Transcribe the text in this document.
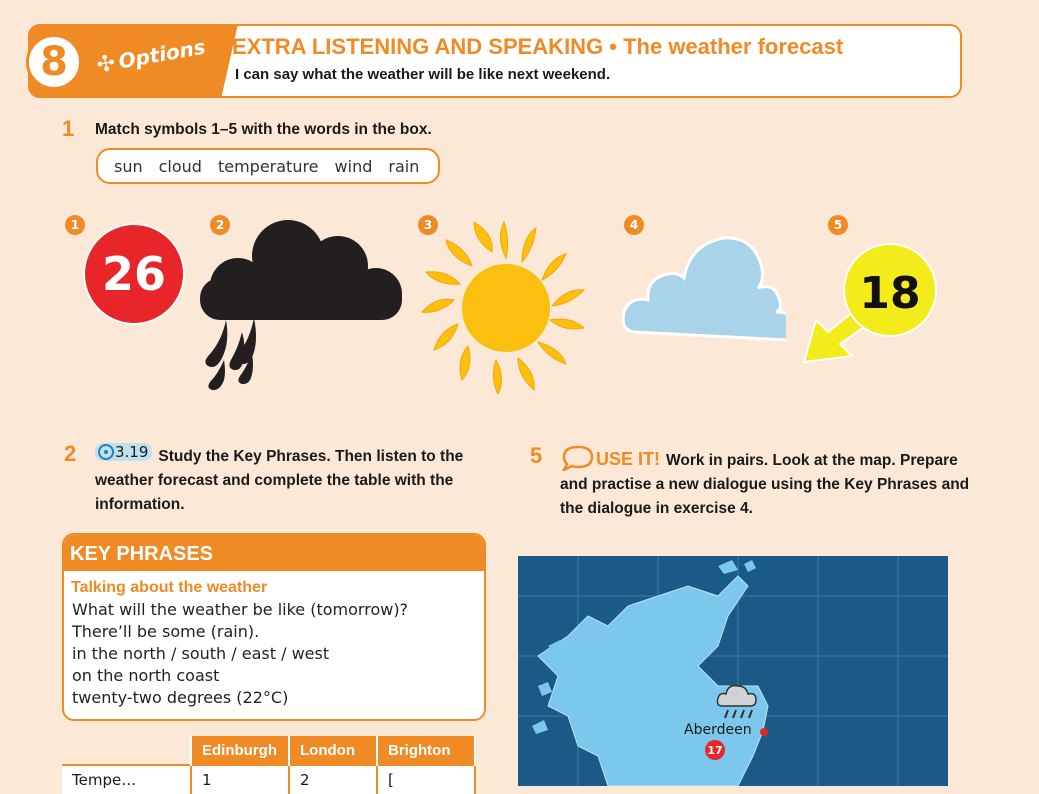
8	✣Options EXTRA LISTENING AND SPEAKING • The weather forecast
I can say what the weather will be like next weekend.
1 Match symbols 1–5 with the words in the box.
sun cloud temperature wind rain
1	2	3	4	5
26	18
2	3.19 Study the Key Phrases. Then listen to the weather forecast and complete the table with the information.
5	USE IT! Work in pairs. Look at the map. Prepare and practise a new dialogue using the Key Phrases and the dialogue in exercise 4.
KEY PHRASES
Talking about the weather
What will the weather be like (tomorrow)?
There’ll be some (rain).
in the north / south / east / west
on the north coast
twenty-two degrees (22°C)
	Edinburgh	London	Brighton
Tempe…	1	2	[
Aberdeen
17
